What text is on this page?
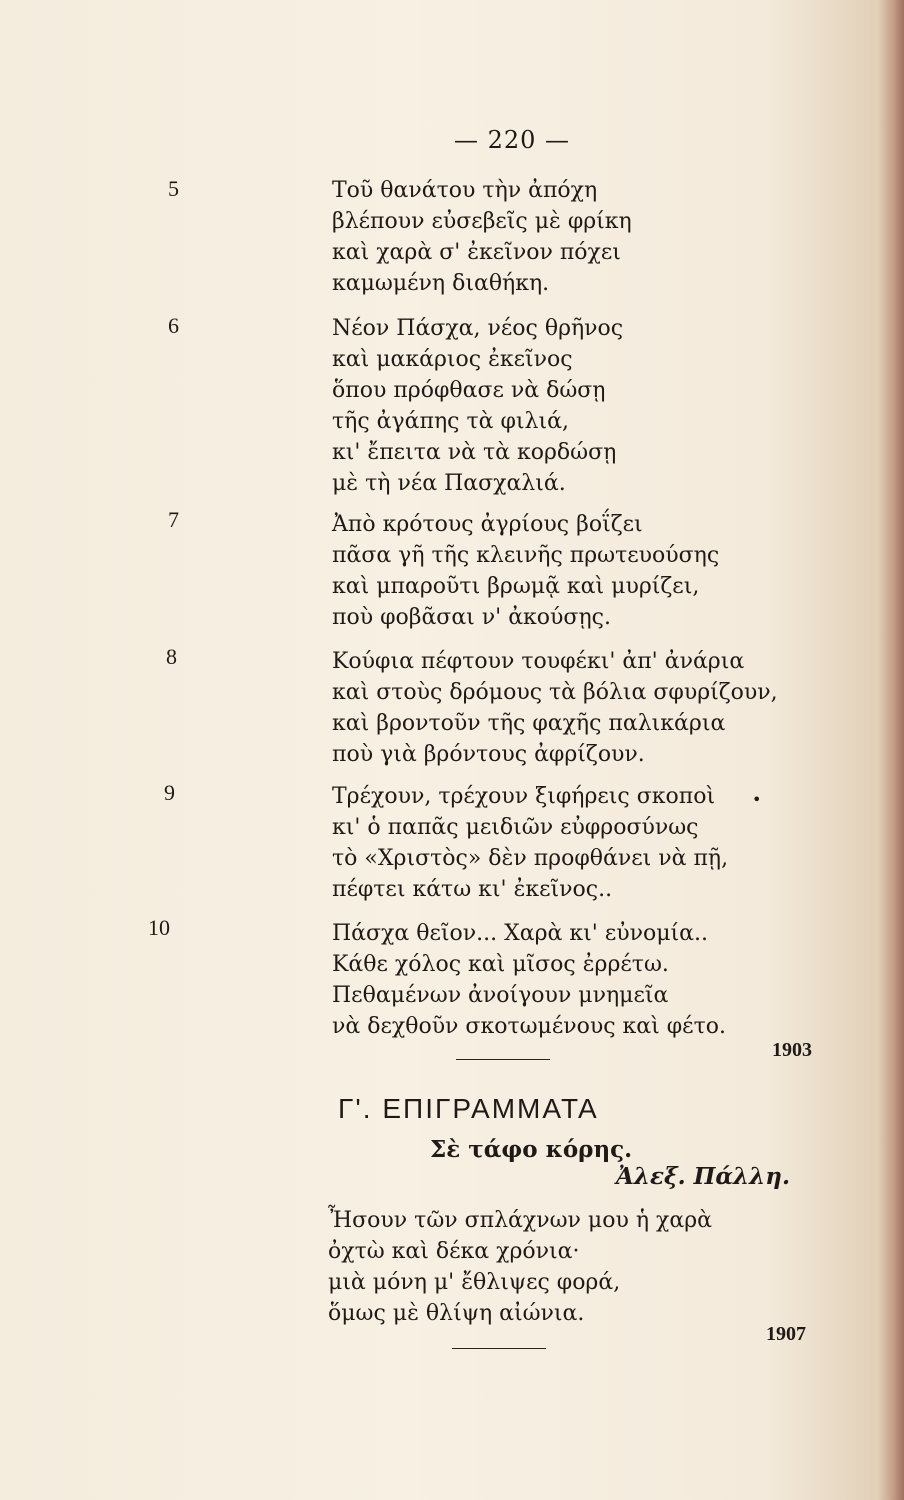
— 220 —
5	Τοῦ θανάτου τὴν ἀπόχη
βλέπουν εὐσεβεῖς μὲ φρίκη
καὶ χαρὰ σ' ἐκεῖνον πόχει
καμωμένη διαθήκη.
6	Νέον Πάσχα, νέος θρῆνος
καὶ μακάριος ἐκεῖνος
ὅπου πρόφθασε νὰ δώσῃ
τῆς ἀγάπης τὰ φιλιά,
κι' ἔπειτα νὰ τὰ κορδώσῃ
μὲ τὴ νέα Πασχαλιά.
7	Ἀπὸ κρότους ἀγρίους βοΐζει
πᾶσα γῆ τῆς κλεινῆς πρωτευούσης
καὶ μπαροῦτι βρωμᾷ καὶ μυρίζει,
ποὺ φοβᾶσαι ν' ἀκούσῃς.
8	Κούφια πέφτουν τουφέκι' ἀπ' ἀνάρια
καὶ στοὺς δρόμους τὰ βόλια σφυρίζουν,
καὶ βροντοῦν τῆς φαχῆς παλικάρια
ποὺ γιὰ βρόντους ἀφρίζουν.
9	Τρέχουν, τρέχουν ξιφήρεις σκοποὶ
κι' ὁ παπᾶς μειδιῶν εὐφροσύνως
τὸ «Χριστὸς» δὲν προφθάνει νὰ πῇ,
πέφτει κάτω κι' ἐκεῖνος..
•
10	Πάσχα θεῖον... Χαρὰ κι' εὐνομία..
Κάθε χόλος καὶ μῖσος ἐρρέτω.
Πεθαμένων ἀνοίγουν μνημεῖα
νὰ δεχθοῦν σκοτωμένους καὶ φέτο.
1903
Γ'. ΕΠΙΓΡΑΜΜΑΤΑ
Σὲ τάφο κόρης.
Ἀλεξ. Πάλλη.
Ἦσουν τῶν σπλάχνων μου ἡ χαρὰ
ὀχτὼ καὶ δέκα χρόνια·
μιὰ μόνη μ' ἔθλιψες φορά,
ὅμως μὲ θλίψη αἰώνια.
1907
